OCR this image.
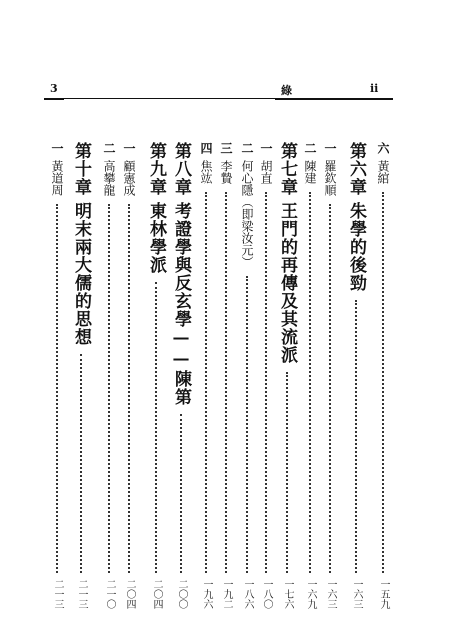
ii
綠
3
六黃綰
一五九
第六章朱學的後勁
一六三
一羅欽順
一六三
二陳建
一六九
第七章王門的再傳及其流派
一七六
一胡直
一八〇
二何心隱（即梁汝元）
一八六
三李贄
一九二
四焦竑
一九六
第八章考證學與反玄學——陳第
二〇〇
第九章東林學派
二〇四
一顧憲成
二〇四
二高攀龍
二一〇
第十章明末兩大儒的思想
二一三
一黃道周
二一三
